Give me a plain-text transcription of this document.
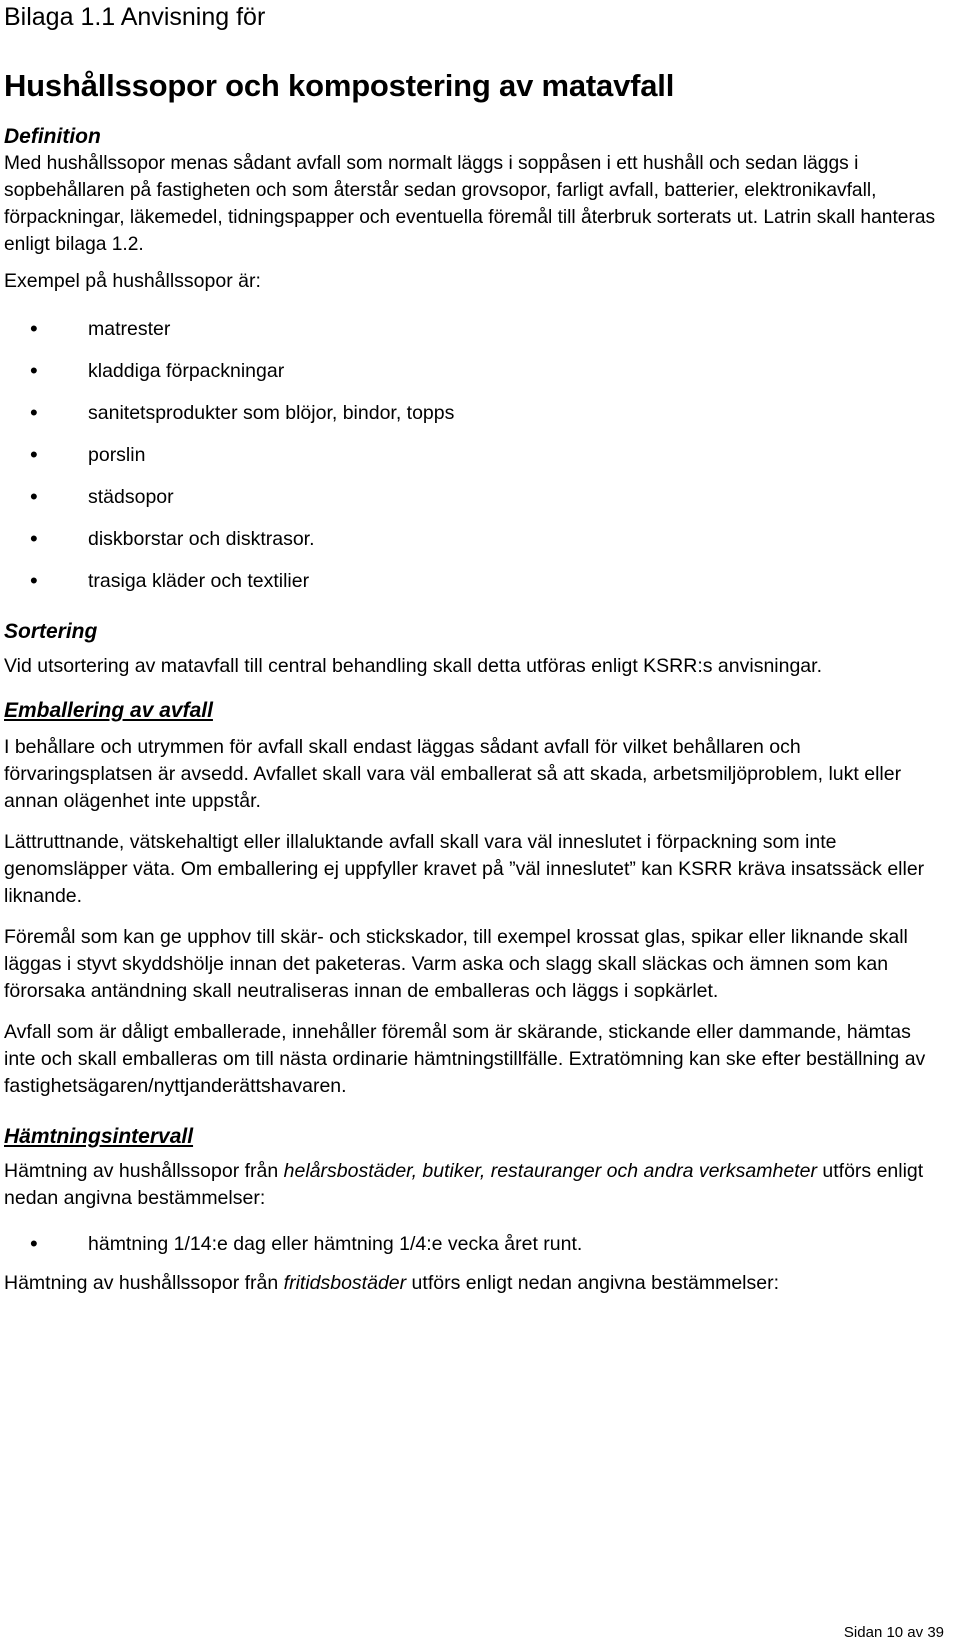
Bilaga 1.1 Anvisning för

Hushållssopor och kompostering av matavfall
Definition

Med hushållssopor menas sådant avfall som normalt läggs i soppåsen i ett hushåll och sedan läggs i sopbehållaren på fastigheten och som återstår sedan grovsopor, farligt avfall, batterier, elektronikavfall, förpackningar, läkemedel, tidningspapper och eventuella föremål till återbruk sorterats ut. Latrin skall hanteras enligt bilaga 1.2.

Exempel på hushållssopor är:

• matrester
• kladdiga förpackningar
• sanitetsprodukter som blöjor, bindor, topps
• porslin
• städsopor
• diskborstar och disktrasor.
• trasiga kläder och textilier
Sortering

Vid utsortering av matavfall till central behandling skall detta utföras enligt KSRR:s anvisningar.

Emballering av avfall

I behållare och utrymmen för avfall skall endast läggas sådant avfall för vilket behållaren och förvaringsplatsen är avsedd. Avfallet skall vara väl emballerat så att skada, arbetsmiljöproblem, lukt eller annan olägenhet inte uppstår.

Lättruttnande, vätskehaltigt eller illaluktande avfall skall vara väl inneslutet i förpackning som inte genomsläpper väta. Om emballering ej uppfyller kravet på ”väl inneslutet” kan KSRR kräva insatssäck eller liknande.

Föremål som kan ge upphov till skär- och stickskador, till exempel krossat glas, spikar eller liknande skall läggas i styvt skyddshölje innan det paketeras. Varm aska och slagg skall släckas och ämnen som kan förorsaka antändning skall neutraliseras innan de emballeras och läggs i sopkärlet.

Avfall som är dåligt emballerade, innehåller föremål som är skärande, stickande eller dammande, hämtas inte och skall emballeras om till nästa ordinarie hämtningstillfälle. Extratömning kan ske efter beställning av fastighetsägaren/nyttjanderättshavaren.

Hämtningsintervall

Hämtning av hushållssopor från helårsbostäder, butiker, restauranger och andra verksamheter utförs enligt nedan angivna bestämmelser:

• hämtning 1/14:e dag eller hämtning 1/4:e vecka året runt.

Hämtning av hushållssopor från fritidsbostäder utförs enligt nedan angivna bestämmelser:

Sidan 10 av 39
